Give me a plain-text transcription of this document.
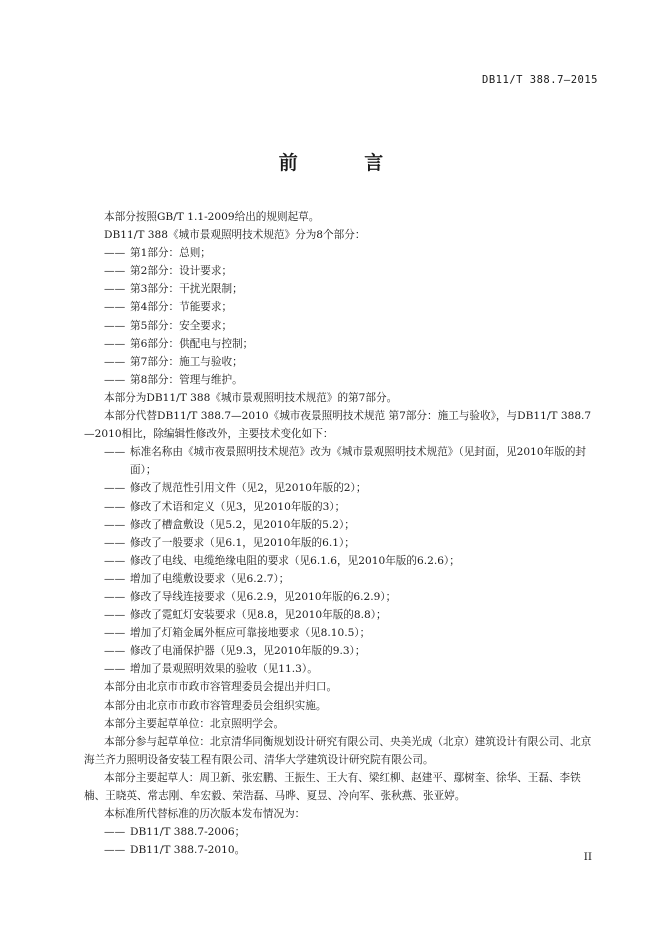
DB11/T 388.7—2015
前 言
本部分按照GB/T 1.1-2009给出的规则起草。
DB11/T 388《城市景观照明技术规范》分为8个部分：
—— 第1部分：总则；
—— 第2部分：设计要求；
—— 第3部分：干扰光限制；
—— 第4部分：节能要求；
—— 第5部分：安全要求；
—— 第6部分：供配电与控制；
—— 第7部分：施工与验收；
—— 第8部分：管理与维护。
本部分为DB11/T 388《城市景观照明技术规范》的第7部分。
本部分代替DB11/T 388.7—2010《城市夜景照明技术规范 第7部分：施工与验收》，与DB11/T 388.7—2010相比，除编辑性修改外，主要技术变化如下：
—— 标准名称由《城市夜景照明技术规范》改为《城市景观照明技术规范》（见封面，见2010年版的封面）；
—— 修改了规范性引用文件（见2，见2010年版的2）；
—— 修改了术语和定义（见3，见2010年版的3）；
—— 修改了槽盒敷设（见5.2，见2010年版的5.2）；
—— 修改了一般要求（见6.1，见2010年版的6.1）；
—— 修改了电线、电缆绝缘电阻的要求（见6.1.6，见2010年版的6.2.6）；
—— 增加了电缆敷设要求（见6.2.7）；
—— 修改了导线连接要求（见6.2.9，见2010年版的6.2.9）；
—— 修改了霓虹灯安装要求（见8.8，见2010年版的8.8）；
—— 增加了灯箱金属外框应可靠接地要求（见8.10.5）；
—— 修改了电涌保护器（见9.3，见2010年版的9.3）；
—— 增加了景观照明效果的验收（见11.3）。
本部分由北京市市政市容管理委员会提出并归口。
本部分由北京市市政市容管理委员会组织实施。
本部分主要起草单位：北京照明学会。
本部分参与起草单位：北京清华同衡规划设计研究有限公司、央美光成（北京）建筑设计有限公司、北京海兰齐力照明设备安装工程有限公司、清华大学建筑设计研究院有限公司。
本部分主要起草人：周卫新、张宏鹏、王振生、王大有、梁红柳、赵建平、鄢树奎、徐华、王磊、李铁楠、王晓英、常志刚、牟宏毅、荣浩磊、马晔、夏昱、冷向军、张秋燕、张亚婷。
本标准所代替标准的历次版本发布情况为：
—— DB11/T 388.7-2006；
—— DB11/T 388.7-2010。
II
